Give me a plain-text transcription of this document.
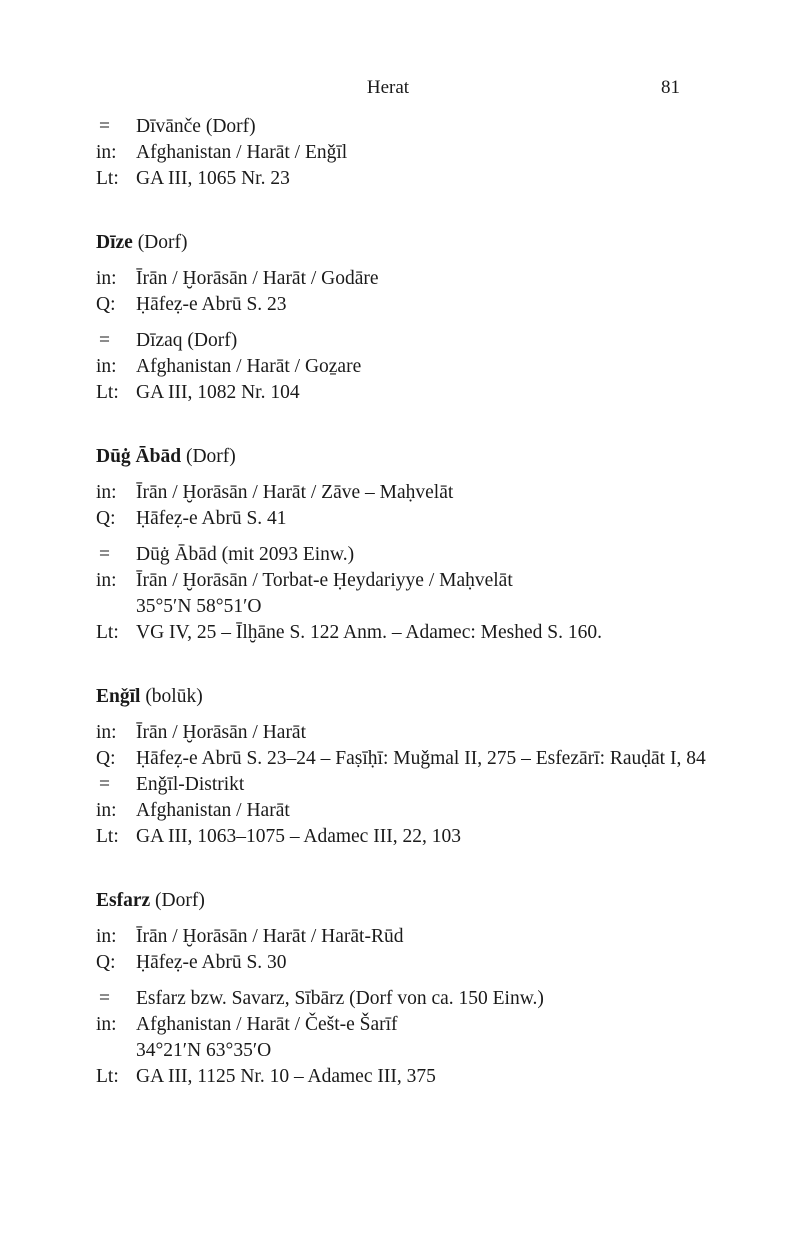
Herat	81
=	Dīvānče (Dorf)
in: Afghanistan / Harāt / Enǧīl
Lt: GA III, 1065 Nr. 23
Dīze (Dorf)
in: Īrān / Ḫorāsān / Harāt / Godāre
Q:	Ḥāfeẓ-e Abrū S. 23
=	Dīzaq (Dorf)
in: Afghanistan / Harāt / Goẕare
Lt: GA III, 1082 Nr. 104
Dūġ Ābād (Dorf)
in: Īrān / Ḫorāsān / Harāt / Zāve – Maḥvelāt
Q:	Ḥāfeẓ-e Abrū S. 41
=	Dūġ Ābād (mit 2093 Einw.)
in: Īrān / Ḫorāsān / Torbat-e Ḥeydariyye / Maḥvelāt
35°5′N 58°51′O
Lt: VG IV, 25 – Īlḫāne S. 122 Anm. – Adamec: Meshed S. 160.
Enǧīl (bolūk)
in: Īrān / Ḫorāsān / Harāt
Q:	Ḥāfeẓ-e Abrū S. 23–24 – Faṣīḥī: Muǧmal II, 275 – Esfezārī: Rauḍāt I, 84
=	Enǧīl-Distrikt
in: Afghanistan / Harāt
Lt: GA III, 1063–1075 – Adamec III, 22, 103
Esfarz (Dorf)
in: Īrān / Ḫorāsān / Harāt / Harāt-Rūd
Q:	Ḥāfeẓ-e Abrū S. 30
=	Esfarz bzw. Savarz, Sībārz (Dorf von ca. 150 Einw.)
in: Afghanistan / Harāt / Češt-e Šarīf
34°21′N 63°35′O
Lt: GA III, 1125 Nr. 10 – Adamec III, 375
